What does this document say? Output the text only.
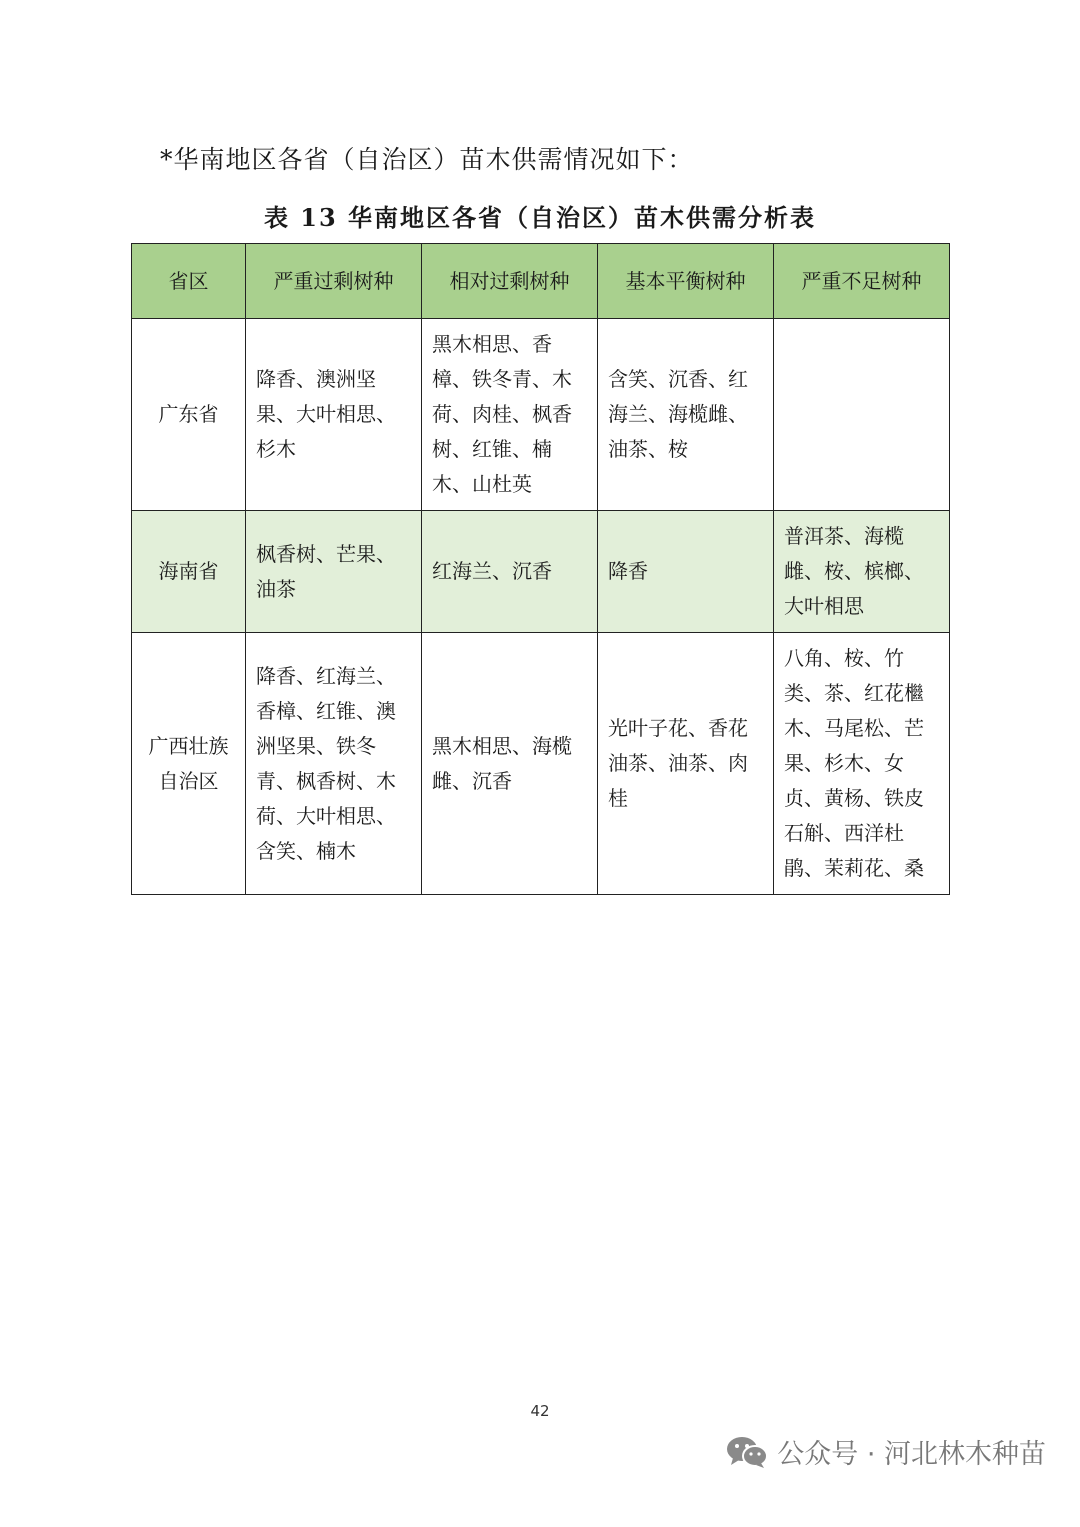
*华南地区各省（自治区）苗木供需情况如下：
表 13 华南地区各省（自治区）苗木供需分析表
省区	严重过剩树种	相对过剩树种	基本平衡树种	严重不足树种
广东省	降香、澳洲坚果、大叶相思、杉木	黑木相思、香樟、铁冬青、木荷、肉桂、枫香树、红锥、楠木、山杜英	含笑、沉香、红海兰、海榄雌、油茶、桉	
海南省	枫香树、芒果、油茶	红海兰、沉香	降香	普洱茶、海榄雌、桉、槟榔、大叶相思
广西壮族自治区	降香、红海兰、香樟、红锥、澳洲坚果、铁冬青、枫香树、木荷、大叶相思、含笑、楠木	黑木相思、海榄雌、沉香	光叶子花、香花油茶、油茶、肉桂	八角、桉、竹类、茶、红花檵木、马尾松、芒果、杉木、女贞、黄杨、铁皮石斛、西洋杜鹃、茉莉花、桑
42
公众号 · 河北林木种苗
